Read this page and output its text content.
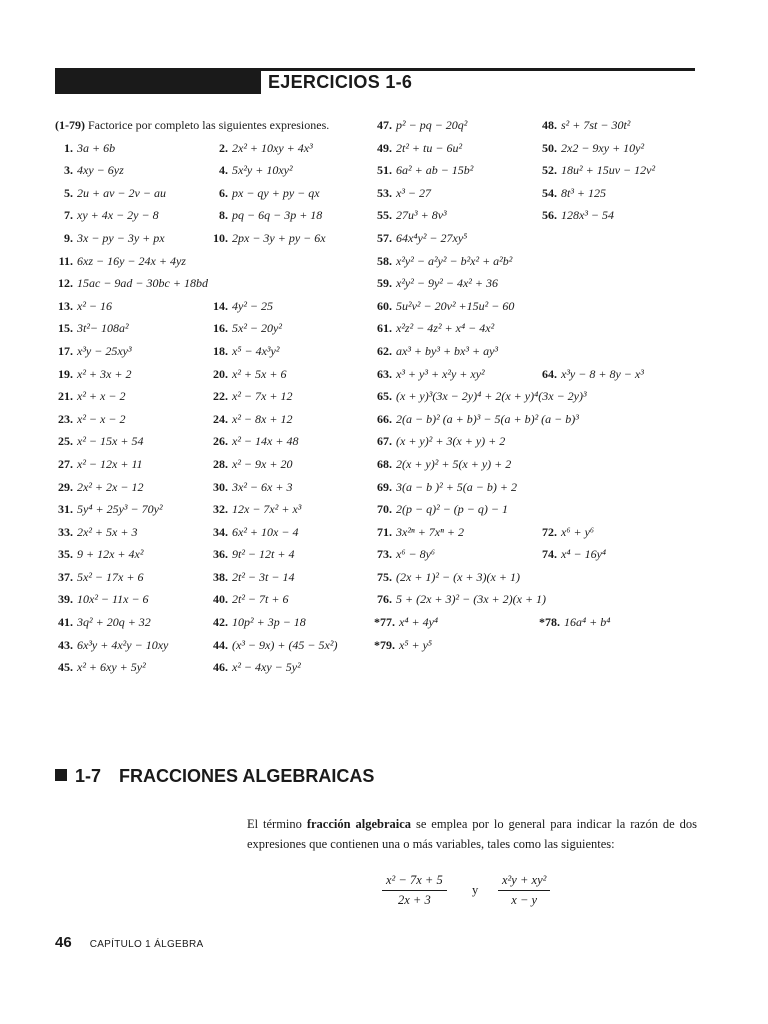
EJERCICIOS 1-6
(1-79) Factorice por completo las siguientes expresiones.
1. 3a + 6b	2. 2x² + 10xy + 4x³
3. 4xy − 6yz	4. 5x²y + 10xy²
5. 2u + av − 2v − au	6. px − qy + py − qx
7. xy + 4x − 2y − 8	8. pq − 6q − 3p + 18
9. 3x − py − 3y + px	10. 2px − 3y + py − 6x
11. 6xz − 16y − 24x + 4yz
12. 15ac − 9ad − 30bc + 18bd
13. x² − 16	14. 4y² − 25
15. 3t²− 108a²	16. 5x² − 20y²
17. x³y − 25xy³	18. x⁵ − 4x³y²
19. x² + 3x + 2	20. x² + 5x + 6
21. x² + x − 2	22. x² − 7x + 12
23. x² − x − 2	24. x² − 8x + 12
25. x² − 15x + 54	26. x² − 14x + 48
27. x² − 12x + 11	28. x² − 9x + 20
29. 2x² + 2x − 12	30. 3x² − 6x + 3
31. 5y⁴ + 25y³ − 70y²	32. 12x − 7x² + x³
33. 2x² + 5x + 3	34. 6x² + 10x − 4
35. 9 + 12x + 4x²	36. 9t² − 12t + 4
37. 5x² − 17x + 6	38. 2t² − 3t − 14
39. 10x² − 11x − 6	40. 2t² − 7t + 6
41. 3q² + 20q + 32	42. 10p² + 3p − 18
43. 6x³y + 4x²y − 10xy	44. (x³ − 9x) + (45 − 5x²)
45. x² + 6xy + 5y²	46. x² − 4xy − 5y²
47. p² − pq − 20q²	48. s² + 7st − 30t²
49. 2t² + tu − 6u²	50. 2x2 − 9xy + 10y²
51. 6a² + ab − 15b²	52. 18u² + 15uv − 12v²
53. x³ − 27	54. 8t³ + 125
55. 27u³ + 8v³	56. 128x³ − 54
57. 64x⁴y² − 27xy⁵
58. x²y² − a²y² − b²x² + a²b²
59. x²y² − 9y² − 4x² + 36
60. 5u²v² − 20v² +15u² − 60
61. x²z² − 4z² + x⁴ − 4x²
62. ax³ + by³ + bx³ + ay³
63. x³ + y³ + x²y + xy²	64. x³y − 8 + 8y − x³
65. (x + y)³(3x − 2y)⁴ + 2(x + y)⁴(3x − 2y)³
66. 2(a − b)² (a + b)³ − 5(a + b)² (a − b)³
67. (x + y)² + 3(x + y) + 2
68. 2(x + y)² + 5(x + y) + 2
69. 3(a − b )² + 5(a − b) + 2
70. 2(p − q)² − (p − q) − 1
71. 3x²ⁿ + 7xⁿ + 2	72. x⁶ + y⁶
73. x⁶ − 8y⁶	74. x⁴ − 16y⁴
75. (2x + 1)² − (x + 3)(x + 1)
76. 5 + (2x + 3)² − (3x + 2)(x + 1)
*77. x⁴ + 4y⁴	*78. 16a⁴ + b⁴
*79. x⁵ + y⁵
1-7 FRACCIONES ALGEBRAICAS
El término fracción algebraica se emplea por lo general para indicar la razón de dos expresiones que contienen una o más variables, tales como las siguientes:
$\frac{\text{x² − 7x + 5}}{2x + 3}$ y $\frac{\text{x²y + xy²}}{x - y}$
46 CAPÍTULO 1 ÁLGEBRA
